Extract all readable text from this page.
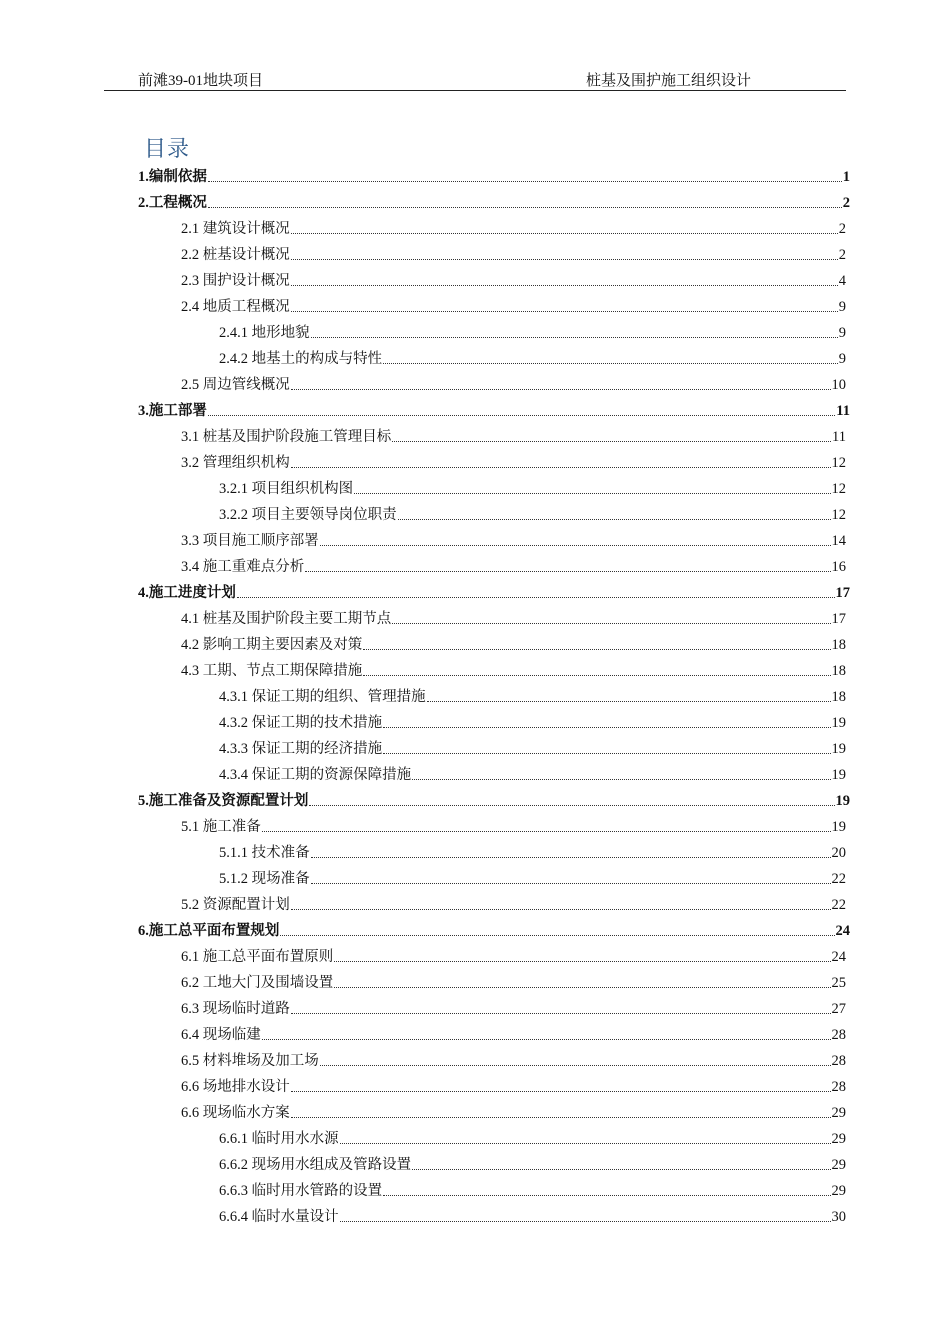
前滩39-01地块项目	桩基及围护施工组织设计
目录
1.编制依据	1
2.工程概况	2
2.1 建筑设计概况	2
2.2 桩基设计概况	2
2.3 围护设计概况	4
2.4 地质工程概况	9
2.4.1 地形地貌	9
2.4.2 地基土的构成与特性	9
2.5 周边管线概况	10
3.施工部署	11
3.1 桩基及围护阶段施工管理目标	11
3.2 管理组织机构	12
3.2.1 项目组织机构图	12
3.2.2 项目主要领导岗位职责	12
3.3 项目施工顺序部署	14
3.4 施工重难点分析	16
4.施工进度计划	17
4.1 桩基及围护阶段主要工期节点	17
4.2 影响工期主要因素及对策	18
4.3 工期、节点工期保障措施	18
4.3.1 保证工期的组织、管理措施	18
4.3.2 保证工期的技术措施	19
4.3.3 保证工期的经济措施	19
4.3.4 保证工期的资源保障措施	19
5.施工准备及资源配置计划	19
5.1 施工准备	19
5.1.1 技术准备	20
5.1.2 现场准备	22
5.2 资源配置计划	22
6.施工总平面布置规划	24
6.1 施工总平面布置原则	24
6.2 工地大门及围墙设置	25
6.3 现场临时道路	27
6.4 现场临建	28
6.5 材料堆场及加工场	28
6.6 场地排水设计	28
6.6 现场临水方案	29
6.6.1 临时用水水源	29
6.6.2 现场用水组成及管路设置	29
6.6.3 临时用水管路的设置	29
6.6.4 临时水量设计	30
